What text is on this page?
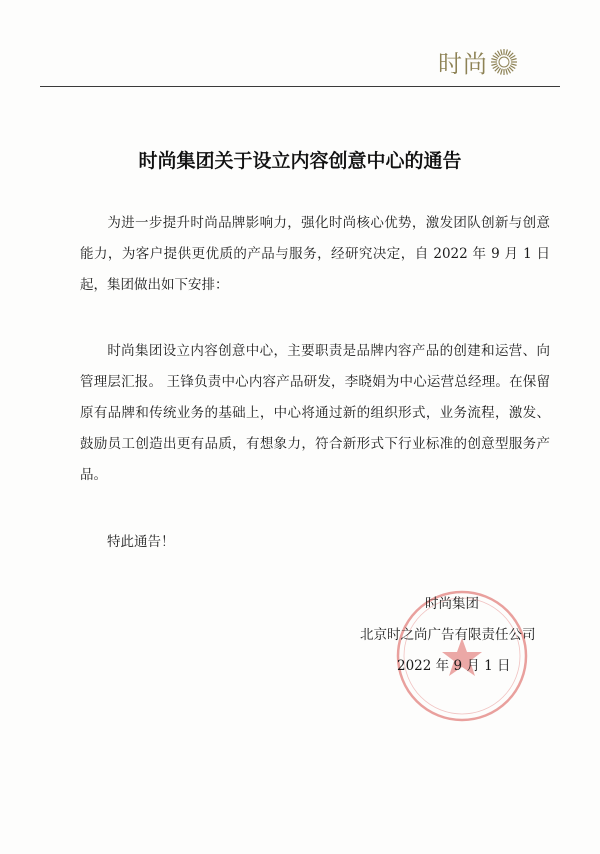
时尚
时尚集团关于设立内容创意中心的通告
为进一步提升时尚品牌影响力，强化时尚核心优势，激发团队创新与创意能力，为客户提供更优质的产品与服务，经研究决定，自 2022 年 9 月 1 日起，集团做出如下安排：
时尚集团设立内容创意中心，主要职责是品牌内容产品的创建和运营、向管理层汇报。 王锋负责中心内容产品研发，李晓娟为中心运营总经理。在保留原有品牌和传统业务的基础上，中心将通过新的组织形式，业务流程，激发、鼓励员工创造出更有品质，有想象力，符合新形式下行业标准的创意型服务产品。
特此通告！
时尚集团
北京时之尚广告有限责任公司
2022 年 9 月 1 日
